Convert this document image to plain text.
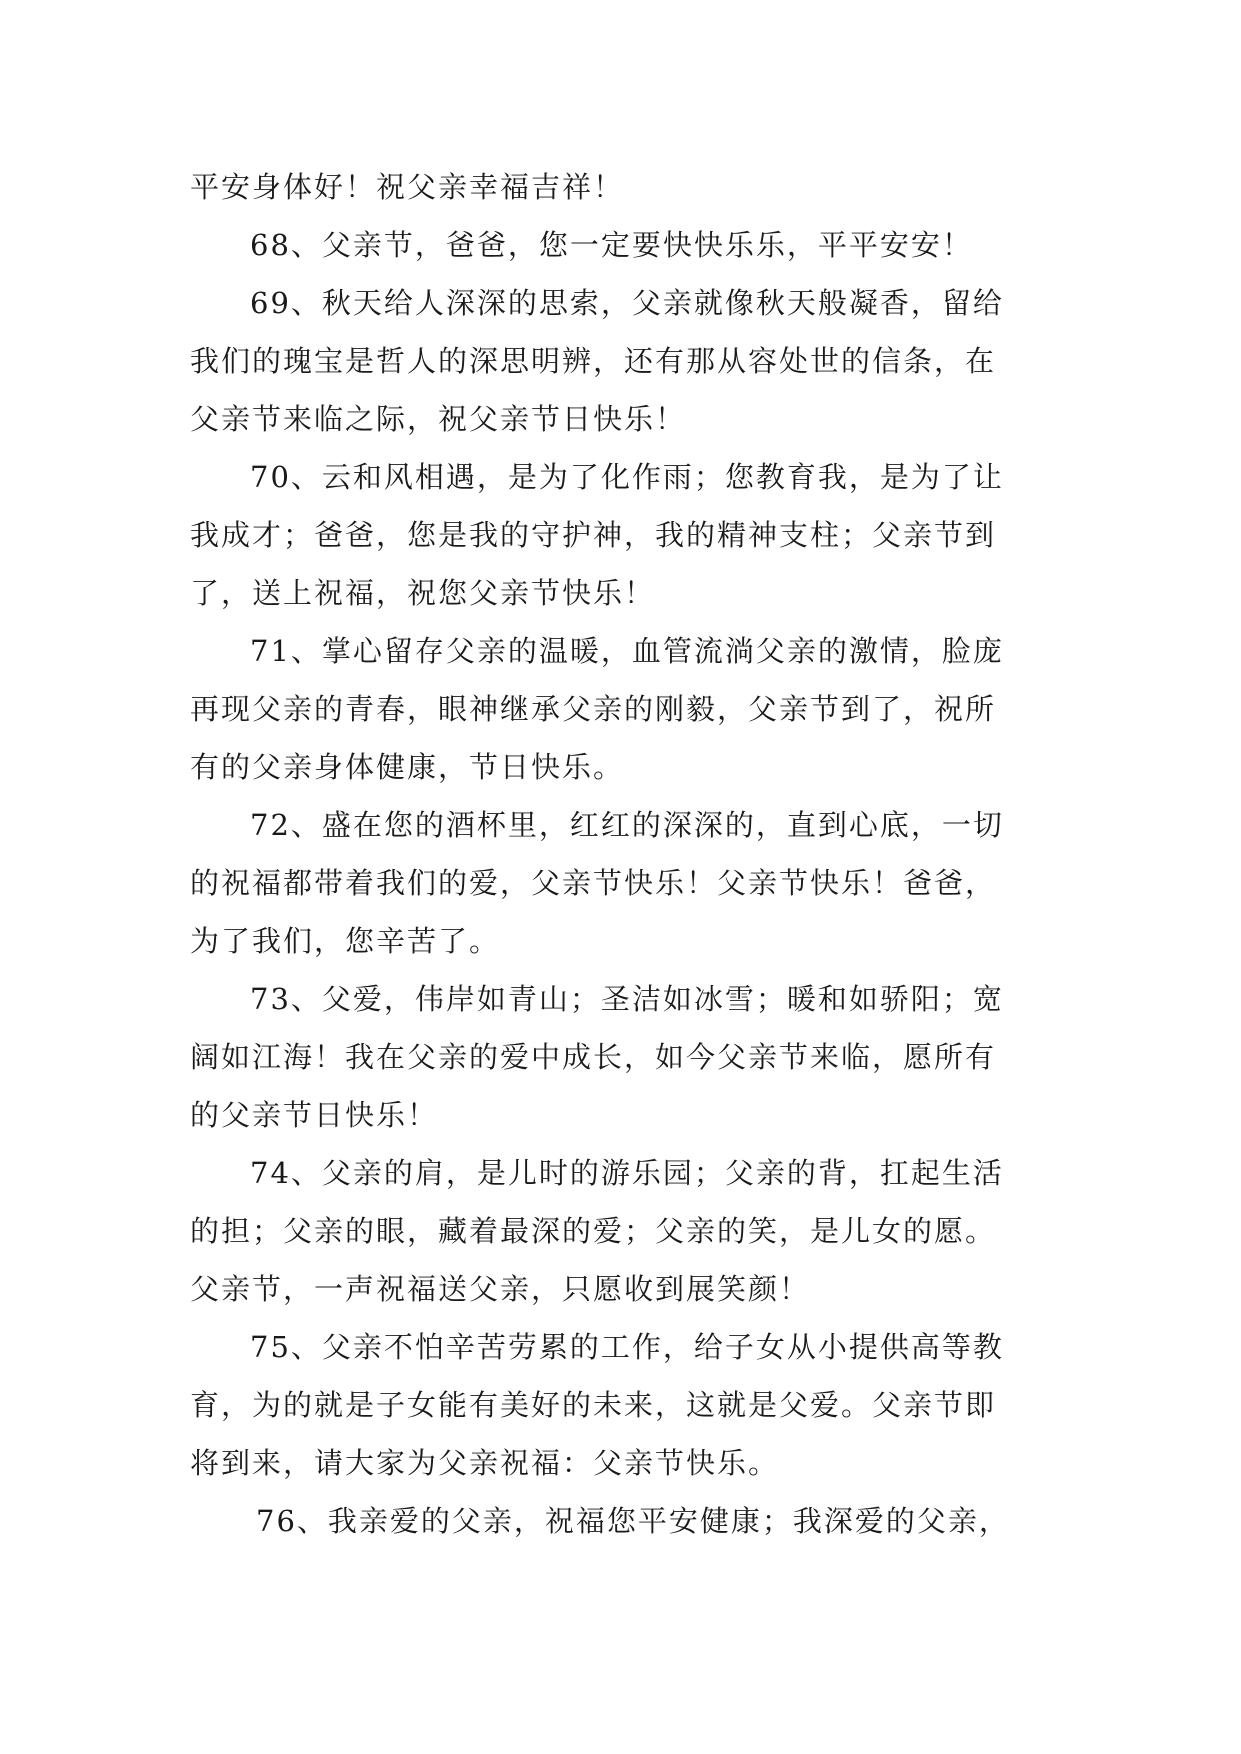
平安身体好！祝父亲幸福吉祥！
68、父亲节，爸爸，您一定要快快乐乐，平平安安！
69、秋天给人深深的思索，父亲就像秋天般凝香，留给
我们的瑰宝是哲人的深思明辨，还有那从容处世的信条，在
父亲节来临之际，祝父亲节日快乐！
70、云和风相遇，是为了化作雨；您教育我，是为了让
我成才；爸爸，您是我的守护神，我的精神支柱；父亲节到
了，送上祝福，祝您父亲节快乐！
71、掌心留存父亲的温暖，血管流淌父亲的激情，脸庞
再现父亲的青春，眼神继承父亲的刚毅，父亲节到了，祝所
有的父亲身体健康，节日快乐。
72、盛在您的酒杯里，红红的深深的，直到心底，一切
的祝福都带着我们的爱，父亲节快乐！父亲节快乐！爸爸，
为了我们，您辛苦了。
73、父爱，伟岸如青山；圣洁如冰雪；暖和如骄阳；宽
阔如江海！我在父亲的爱中成长，如今父亲节来临，愿所有
的父亲节日快乐！
74、父亲的肩，是儿时的游乐园；父亲的背，扛起生活
的担；父亲的眼，藏着最深的爱；父亲的笑，是儿女的愿。
父亲节，一声祝福送父亲，只愿收到展笑颜！
75、父亲不怕辛苦劳累的工作，给子女从小提供高等教
育，为的就是子女能有美好的未来，这就是父爱。父亲节即
将到来，请大家为父亲祝福：父亲节快乐。
76、我亲爱的父亲，祝福您平安健康；我深爱的父亲，
